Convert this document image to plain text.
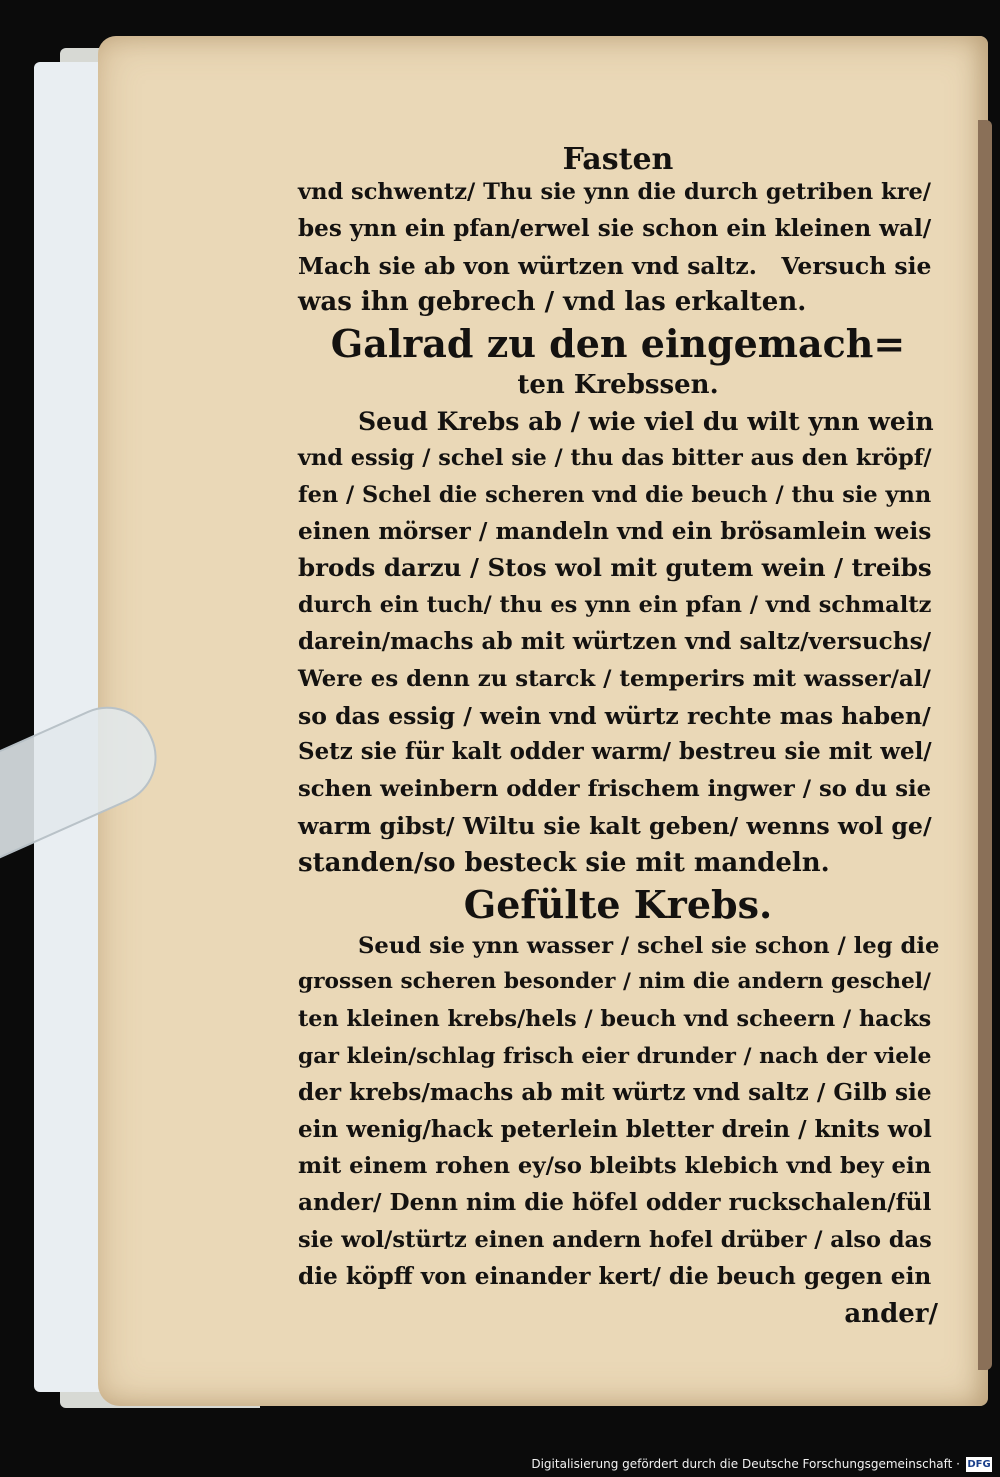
Fasten

vnd schwentz/ Thu sie ynn die durch getriben kre/
bes ynn ein pfan/erwel sie schon ein kleinen wal/
Mach sie ab von würtzen vnd saltz.   Versuch sie
was ihn gebrech / vnd las erkalten.

Galrad zu den eingemach=
ten Krebssen.

Seud Krebs ab / wie viel du wilt ynn wein
vnd essig / schel sie / thu das bitter aus den kröpf/
fen / Schel die scheren vnd die beuch / thu sie ynn
einen mörser / mandeln vnd ein brösamlein weis
brods darzu / Stos wol mit gutem wein / treibs
durch ein tuch/ thu es ynn ein pfan / vnd schmaltz
darein/machs ab mit würtzen vnd saltz/versuchs/
Were es denn zu starck / temperirs mit wasser/al/
so das essig / wein vnd würtz rechte mas haben/
Setz sie für kalt odder warm/ bestreu sie mit wel/
schen weinbern odder frischem ingwer / so du sie
warm gibst/ Wiltu sie kalt geben/ wenns wol ge/
standen/so besteck sie mit mandeln.

Gefülte Krebs.

Seud sie ynn wasser / schel sie schon / leg die
grossen scheren besonder / nim die andern geschel/
ten kleinen krebs/hels / beuch vnd scheern / hacks
gar klein/schlag frisch eier drunder / nach der viele
der krebs/machs ab mit würtz vnd saltz / Gilb sie
ein wenig/hack peterlein bletter drein / knits wol
mit einem rohen ey/so bleibts klebich vnd bey ein
ander/ Denn nim die höfel odder ruckschalen/fül
sie wol/stürtz einen andern hofel drüber / also das
die köpff von einander kert/ die beuch gegen ein
ander/

Digitalisierung gefördert durch die Deutsche Forschungsgemeinschaft · DFG
